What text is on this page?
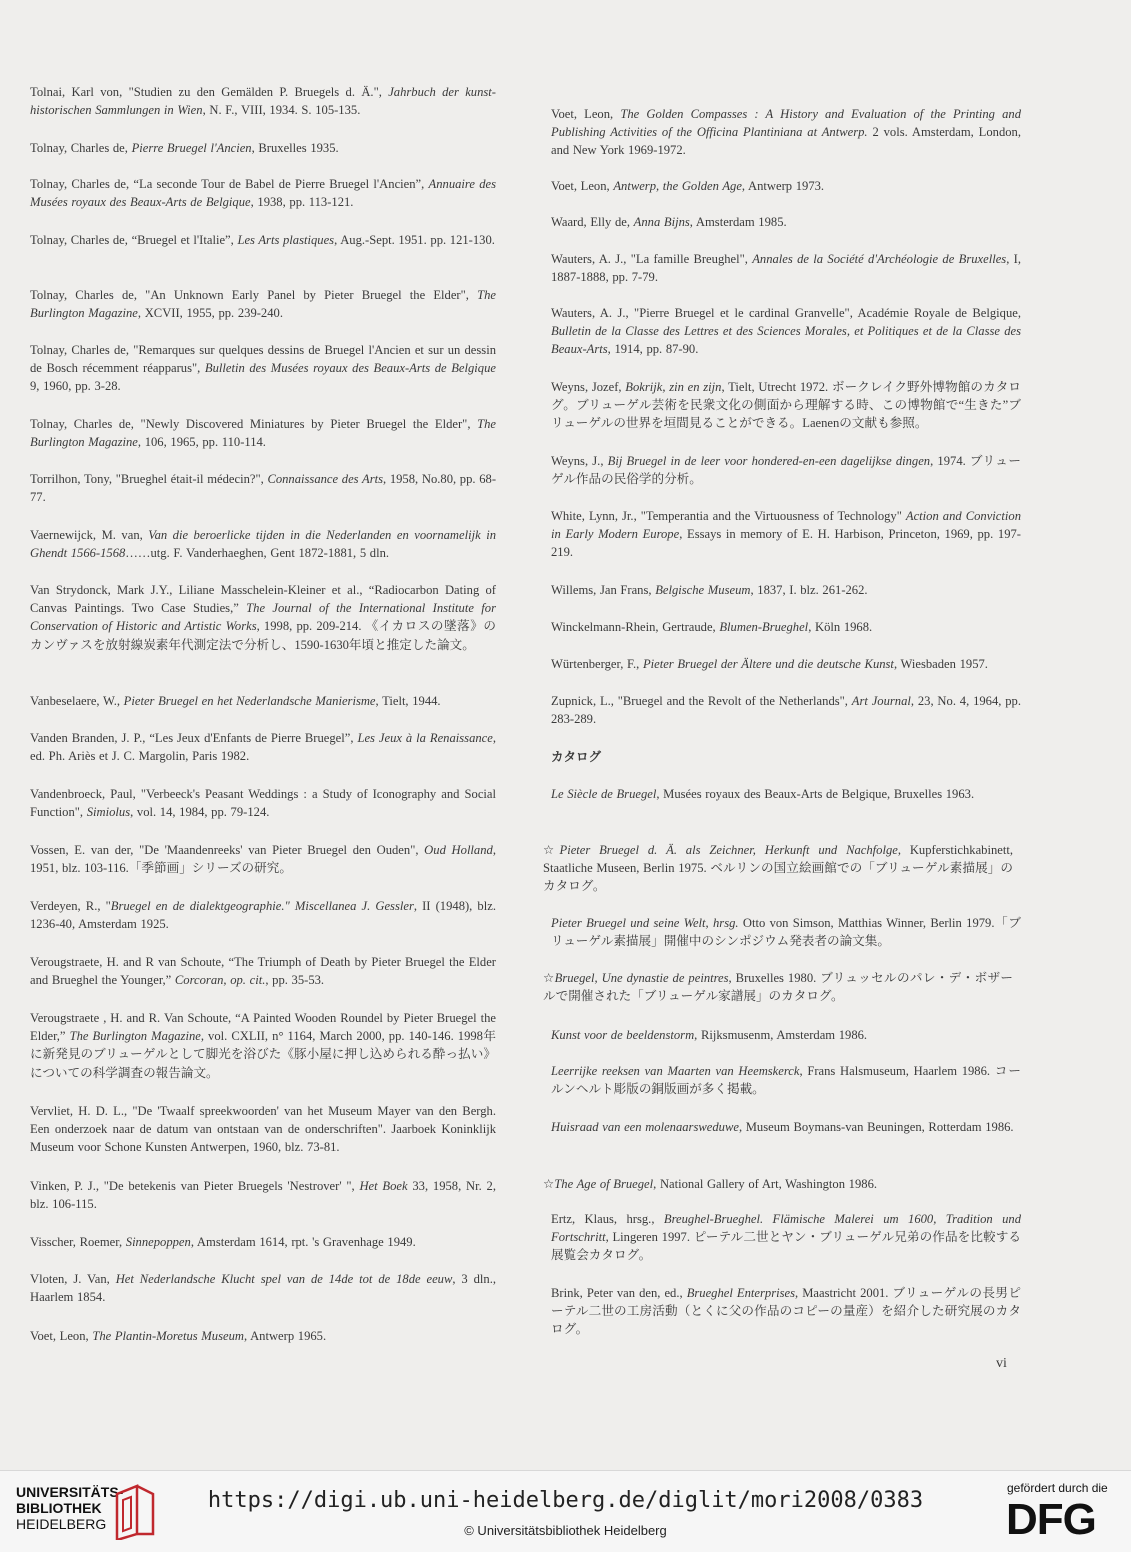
Tolnai, Karl von, "Studien zu den Gemälden P. Bruegels d. Ä.", Jahrbuch der kunst-historischen Sammlungen in Wien, N. F., VIII, 1934. S. 105-135.
Tolnay, Charles de, Pierre Bruegel l'Ancien, Bruxelles 1935.
Tolnay, Charles de, “La seconde Tour de Babel de Pierre Bruegel l'Ancien”, Annuaire des Musées royaux des Beaux-Arts de Belgique, 1938, pp. 113-121.
Tolnay, Charles de, “Bruegel et l'Italie”, Les Arts plastiques, Aug.-Sept. 1951. pp. 121-130.
Tolnay, Charles de, "An Unknown Early Panel by Pieter Bruegel the Elder", The Burlington Magazine, XCVII, 1955, pp. 239-240.
Tolnay, Charles de, "Remarques sur quelques dessins de Bruegel l'Ancien et sur un dessin de Bosch récemment réapparus", Bulletin des Musées royaux des Beaux-Arts de Belgique 9, 1960, pp. 3-28.
Tolnay, Charles de, "Newly Discovered Miniatures by Pieter Bruegel the Elder", The Burlington Magazine, 106, 1965, pp. 110-114.
Torrilhon, Tony, "Brueghel était-il médecin?", Connaissance des Arts, 1958, No.80, pp. 68-77.
Vaernewijck, M. van, Van die beroerlicke tijden in die Nederlanden en voornamelijk in Ghendt 1566-1568……utg. F. Vanderhaeghen, Gent 1872-1881, 5 dln.
Van Strydonck, Mark J.Y., Liliane Masschelein-Kleiner et al., “Radiocarbon Dating of Canvas Paintings. Two Case Studies,” The Journal of the International Institute for Conservation of Historic and Artistic Works, 1998, pp. 209-214. 《イカロスの墜落》のカンヴァスを放射線炭素年代測定法で分析し、1590-1630年頃と推定した論文。
Vanbeselaere, W., Pieter Bruegel en het Nederlandsche Manierisme, Tielt, 1944.
Vanden Branden, J. P., “Les Jeux d'Enfants de Pierre Bruegel”, Les Jeux à la Renaissance, ed. Ph. Ariès et J. C. Margolin, Paris 1982.
Vandenbroeck, Paul, "Verbeeck's Peasant Weddings : a Study of Iconography and Social Function", Simiolus, vol. 14, 1984, pp. 79-124.
Vossen, E. van der, "De 'Maandenreeks' van Pieter Bruegel den Ouden", Oud Holland, 1951, blz. 103-116.「季節画」シリーズの研究。
Verdeyen, R., "Bruegel en de dialektgeographie." Miscellanea J. Gessler, II (1948), blz. 1236-40, Amsterdam 1925.
Verougstraete, H. and R van Schoute, “The Triumph of Death by Pieter Bruegel the Elder and Brueghel the Younger,” Corcoran, op. cit., pp. 35-53.
Verougstraete , H. and R. Van Schoute, “A Painted Wooden Roundel by Pieter Bruegel the Elder,” The Burlington Magazine, vol. CXLII, n° 1164, March 2000, pp. 140-146. 1998年に新発見のブリューゲルとして脚光を浴びた《豚小屋に押し込められる酔っ払い》についての科学調査の報告論文。
Vervliet, H. D. L., "De 'Twaalf spreekwoorden' van het Museum Mayer van den Bergh. Een onderzoek naar de datum van ontstaan van de onderschriften". Jaarboek Koninklijk Museum voor Schone Kunsten Antwerpen, 1960, blz. 73-81.
Vinken, P. J., "De betekenis van Pieter Bruegels 'Nestrover' ", Het Boek 33, 1958, Nr. 2, blz. 106-115.
Visscher, Roemer, Sinnepoppen, Amsterdam 1614, rpt. 's Gravenhage 1949.
Vloten, J. Van, Het Nederlandsche Klucht spel van de 14de tot de 18de eeuw, 3 dln., Haarlem 1854.
Voet, Leon, The Plantin-Moretus Museum, Antwerp 1965.
Voet, Leon, The Golden Compasses : A History and Evaluation of the Printing and Publishing Activities of the Officina Plantiniana at Antwerp. 2 vols. Amsterdam, London, and New York 1969-1972.
Voet, Leon, Antwerp, the Golden Age, Antwerp 1973.
Waard, Elly de, Anna Bijns, Amsterdam 1985.
Wauters, A. J., "La famille Breughel", Annales de la Société d'Archéologie de Bruxelles, I, 1887-1888, pp. 7-79.
Wauters, A. J., "Pierre Bruegel et le cardinal Granvelle", Académie Royale de Belgique, Bulletin de la Classe des Lettres et des Sciences Morales, et Politiques et de la Classe des Beaux-Arts, 1914, pp. 87-90.
Weyns, Jozef, Bokrijk, zin en zijn, Tielt, Utrecht 1972. ボークレイク野外博物館のカタログ。ブリューゲル芸術を民衆文化の側面から理解する時、この博物館で“生きた”ブリューゲルの世界を垣間見ることができる。Laenenの文献も参照。
Weyns, J., Bij Bruegel in de leer voor hondered-en-een dagelijkse dingen, 1974. ブリューゲル作品の民俗学的分析。
White, Lynn, Jr., "Temperantia and the Virtuousness of Technology" Action and Conviction in Early Modern Europe, Essays in memory of E. H. Harbison, Princeton, 1969, pp. 197-219.
Willems, Jan Frans, Belgische Museum, 1837, I. blz. 261-262.
Winckelmann-Rhein, Gertraude, Blumen-Brueghel, Köln 1968.
Würtenberger, F., Pieter Bruegel der Ältere und die deutsche Kunst, Wiesbaden 1957.
Zupnick, L., "Bruegel and the Revolt of the Netherlands", Art Journal, 23, No. 4, 1964, pp. 283-289.
カタログ
Le Siècle de Bruegel, Musées royaux des Beaux-Arts de Belgique, Bruxelles 1963.
☆Pieter Bruegel d. Ä. als Zeichner, Herkunft und Nachfolge, Kupferstichkabinett, Staatliche Museen, Berlin 1975. ベルリンの国立絵画館での「ブリューゲル素描展」のカタログ。
Pieter Bruegel und seine Welt, hrsg. Otto von Simson, Matthias Winner, Berlin 1979.「ブリューゲル素描展」開催中のシンポジウム発表者の論文集。
☆Bruegel, Une dynastie de peintres, Bruxelles 1980. ブリュッセルのパレ・デ・ボザールで開催された「ブリューゲル家譜展」のカタログ。
Kunst voor de beeldenstorm, Rijksmusenm, Amsterdam 1986.
Leerrijke reeksen van Maarten van Heemskerck, Frans Halsmuseum, Haarlem 1986. コールンヘルト彫版の銅版画が多く掲載。
Huisraad van een molenaarsweduwe, Museum Boymans-van Beuningen, Rotterdam 1986.
☆The Age of Bruegel, National Gallery of Art, Washington 1986.
Ertz, Klaus, hrsg., Breughel-Brueghel. Flämische Malerei um 1600, Tradition und Fortschritt, Lingeren 1997. ピーテル二世とヤン・ブリューゲル兄弟の作品を比較する展覧会カタログ。
Brink, Peter van den, ed., Brueghel Enterprises, Maastricht 2001. ブリューゲルの長男ピーテル二世の工房活動（とくに父の作品のコピーの量産）を紹介した研究展のカタログ。
vi
UNIVERSITÄTS-
BIBLIOTHEK
HEIDELBERG
https://digi.ub.uni-heidelberg.de/diglit/mori2008/0383
© Universitätsbibliothek Heidelberg
gefördert durch die
DFG
